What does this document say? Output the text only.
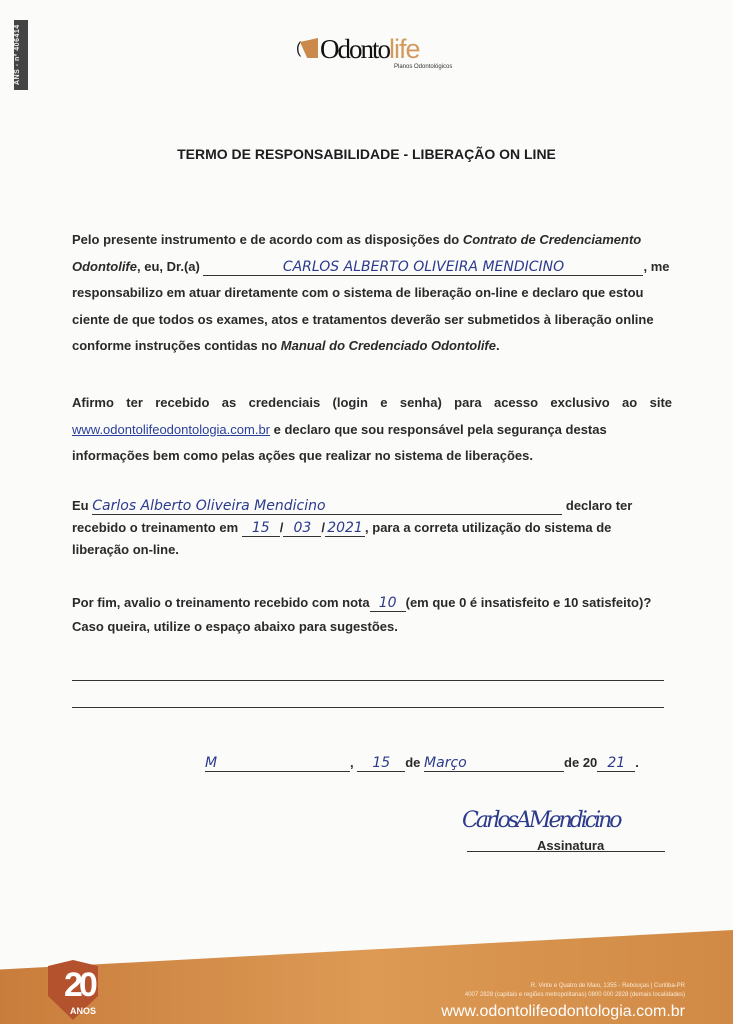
ANS - nº 406414	( Odontolife
Planos Odontológicos
TERMO DE RESPONSABILIDADE - LIBERAÇÃO ON LINE
Pelo presente instrumento e de acordo com as disposições do Contrato de Credenciamento Odontolife, eu, Dr.(a)	CARLOS ALBERTO OLIVEIRA MENDICINO	, me responsabilizo em atuar diretamente com o sistema de liberação on-line e declaro que estou ciente de que todos os exames, atos e tratamentos deverão ser submetidos à liberação online conforme instruções contidas no Manual do Credenciado Odontolife.
Afirmo ter recebido as credenciais (login e senha) para acesso exclusivo ao site
www.odontolifeodontologia.com.br e declaro que sou responsável pela segurança destas informações bem como pelas ações que realizar no sistema de liberações.
Eu Carlos Alberto Oliveira Mendicino	declaro ter
recebido o treinamento em 15 / 03 / 2021 , para a correta utilização do sistema de liberação on-line.
Por fim, avalio o treinamento recebido com nota 10 (em que 0 é insatisfeito e 10 satisfeito)? Caso queira, utilize o espaço abaixo para sugestões.
M	, 15 de Março	de 20 21 .
CarlosAMendicino
Assinatura
20
ANOS
R. Vinte e Quatro de Maio, 1355 - Rebouças | Curitiba-PR
4007 2828 (capitais e regiões metropolitanas) 0800 000 2828 (demais localidades)
www.odontolifeodontologia.com.br
